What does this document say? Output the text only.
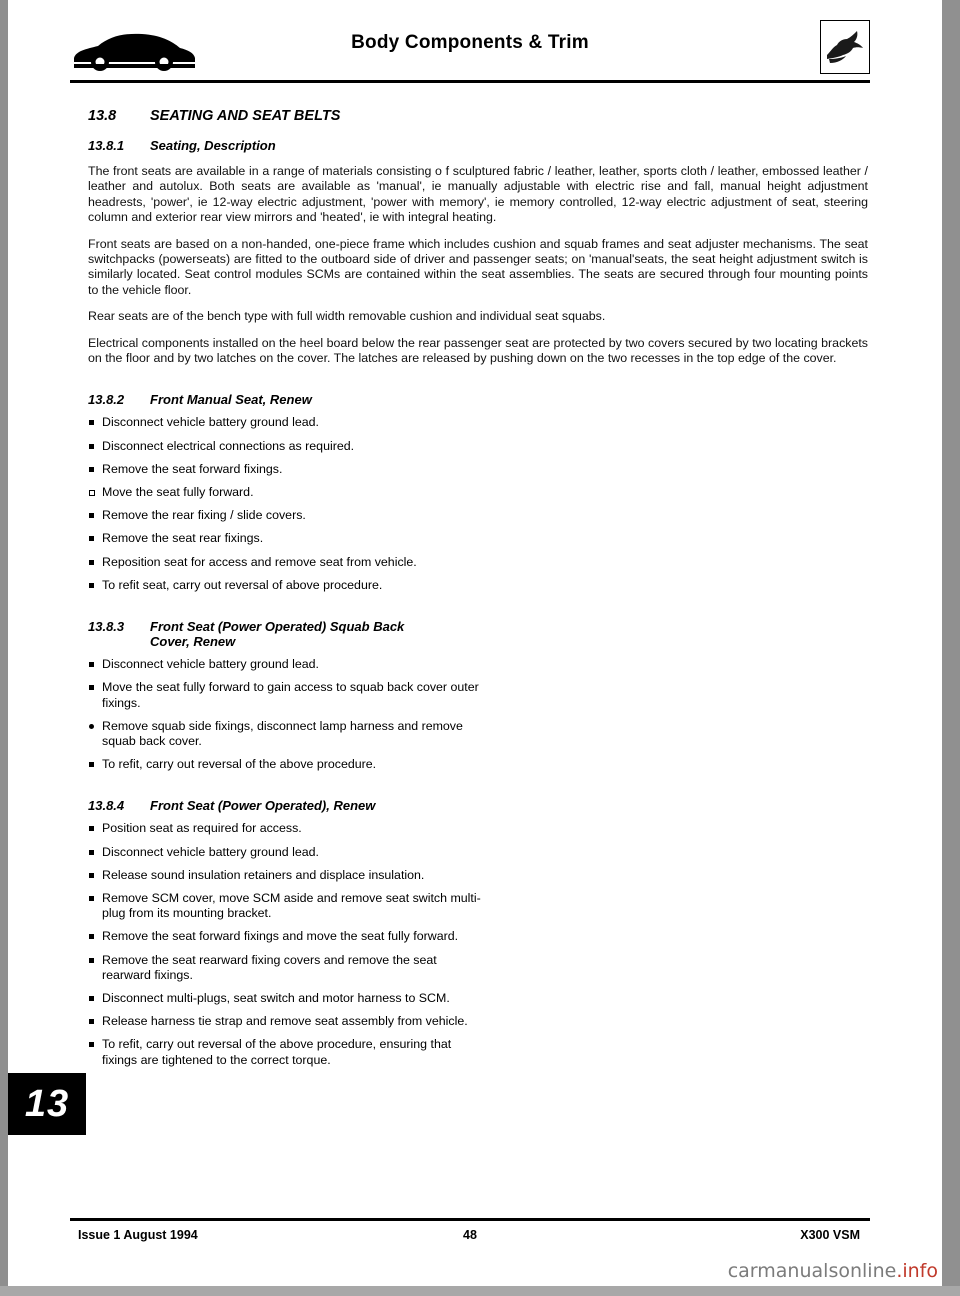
Body Components & Trim
13.8	SEATING AND SEAT BELTS
13.8.1	Seating, Description

The front seats are available in a range of materials consisting o f sculptured fabric / leather, leather, sports cloth / leather, embossed leather / leather and autolux. Both seats are available as 'manual', ie manually adjustable with electric rise and fall, manual height adjustment headrests, 'power', ie 12-way electric adjustment, 'power with memory', ie memory controlled, 12-way electric adjustment of seat, steering column and exterior rear view mirrors and 'heated', ie with integral heating.

Front seats are based on a non-handed, one-piece frame which includes cushion and squab frames and seat adjuster mechanisms. The seat switchpacks (powerseats) are fitted to the outboard side of driver and passenger seats; on 'manual'seats, the seat height adjustment switch is similarly located. Seat control modules SCMs are contained within the seat assemblies. The seats are secured through four mounting points to the vehicle floor.

Rear seats are of the bench type with full width removable cushion and individual seat squabs.

Electrical components installed on the heel board below the rear passenger seat are protected by two covers secured by two locating brackets on the floor and by two latches on the cover. The latches are released by pushing down on the two recesses in the top edge of the cover.

13.8.2	Front Manual Seat, Renew
Disconnect vehicle battery ground lead.
Disconnect electrical connections as required.
Remove the seat forward fixings.
Move the seat fully forward.
Remove the rear fixing / slide covers.
Remove the seat rear fixings.
Reposition seat for access and remove seat from vehicle.
To refit seat, carry out reversal of above procedure.
13.8.3	Front Seat (Power Operated) Squab Back
Cover, Renew
Disconnect vehicle battery ground lead.
Move the seat fully forward to gain access to squab back cover outer fixings.
Remove squab side fixings, disconnect lamp harness and remove squab back cover.
To refit, carry out reversal of the above procedure.
13.8.4	Front Seat (Power Operated), Renew
Position seat as required for access.
Disconnect vehicle battery ground lead.
Release sound insulation retainers and displace insulation.
Remove SCM cover, move SCM aside and remove seat switch multi-plug from its mounting bracket.
Remove the seat forward fixings and move the seat fully forward.
Remove the seat rearward fixing covers and remove the seat rearward fixings.
Disconnect multi-plugs, seat switch and motor harness to SCM.
Release harness tie strap and remove seat assembly from vehicle.
To refit, carry out reversal of the above procedure, ensuring that fixings are tightened to the correct torque.
13
Issue 1 August 1994	48	X300 VSM
carmanualsonline.info
